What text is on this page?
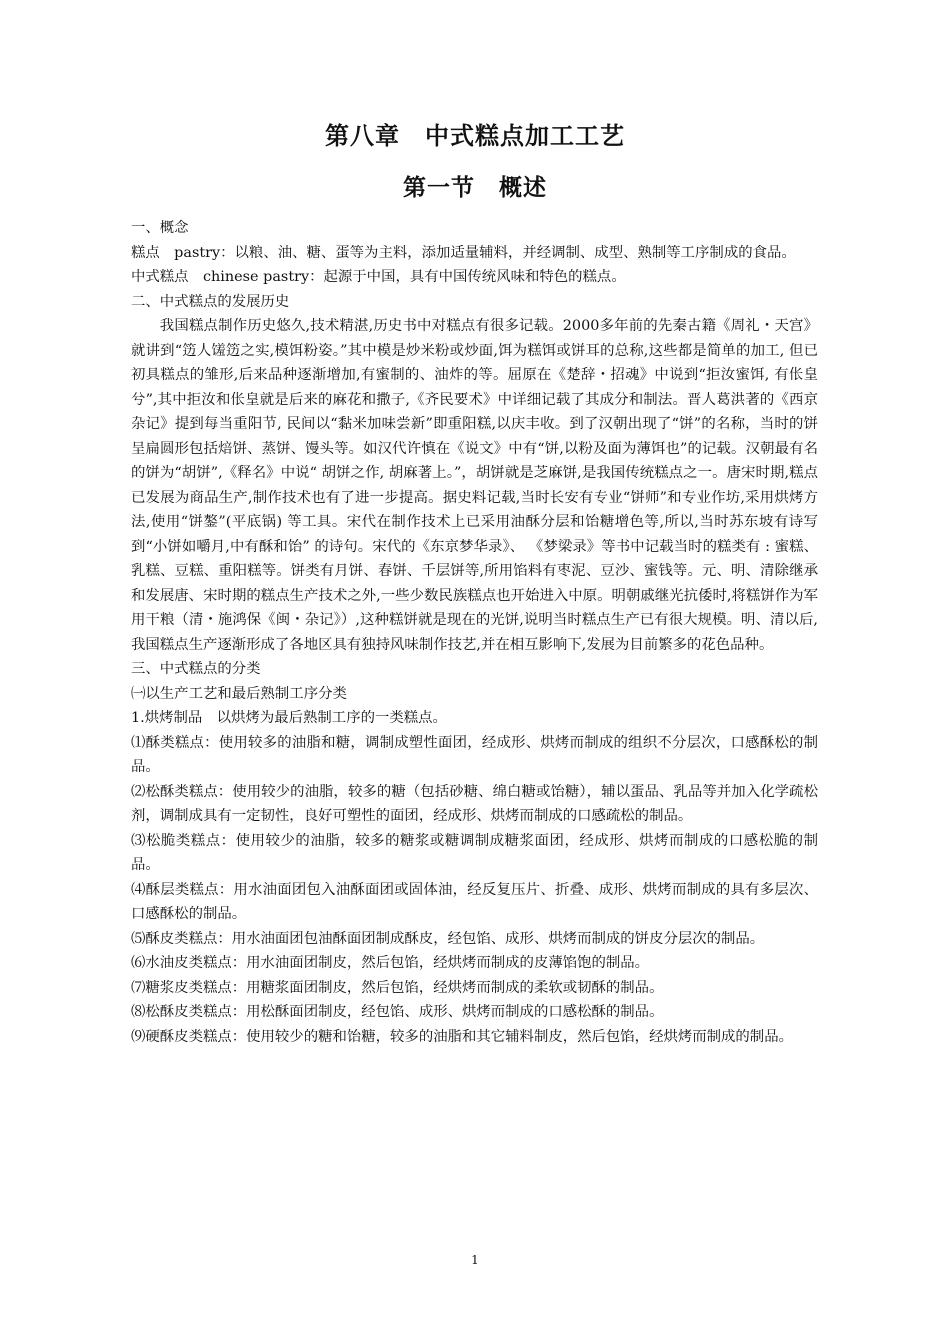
第八章　中式糕点加工工艺
第一节　概述

一、概念

糕点　pastry：以粮、油、糖、蛋等为主料，添加适量辅料，并经调制、成型、熟制等工序制成的食品。

中式糕点　chinese pastry：起源于中国，具有中国传统风味和特色的糕点。

二、中式糕点的发展历史

我国糕点制作历史悠久,技术精湛,历史书中对糕点有很多记载。2000多年前的先秦古籍《周礼・天宫》就讲到“笾人馐笾之实,模饵粉姿。”其中模是炒米粉或炒面,饵为糕饵或饼耳的总称,这些都是简单的加工, 但已初具糕点的雏形,后来品种逐渐增加,有蜜制的、油炸的等。屈原在《楚辞・招魂》中说到“拒汝蜜饵, 有伥皇兮”,其中拒汝和伥皇就是后来的麻花和撒子,《齐民要术》中详细记载了其成分和制法。晋人葛洪著的《西京杂记》提到每当重阳节, 民间以“黏米加味尝新”即重阳糕,以庆丰收。到了汉朝出现了“饼”的名称，当时的饼呈扁圆形包括焙饼、蒸饼、馒头等。如汉代许慎在《说文》中有“饼,以粉及面为薄饵也”的记载。汉朝最有名的饼为“胡饼”,《释名》中说“ 胡饼之作, 胡麻著上。”，胡饼就是芝麻饼,是我国传统糕点之一。唐宋时期,糕点已发展为商品生产,制作技术也有了进一步提高。据史料记载,当时长安有专业“饼师”和专业作坊,采用烘烤方法,使用“饼鏊”(平底锅) 等工具。宋代在制作技术上已采用油酥分层和饴糖增色等,所以,当时苏东坡有诗写到“小饼如嚼月,中有酥和饴” 的诗句。宋代的《东京梦华录》、 《梦梁录》等书中记载当时的糕类有 : 蜜糕、乳糕、豆糕、重阳糕等。饼类有月饼、春饼、千层饼等,所用馅料有枣泥、豆沙、蜜钱等。元、明、清除继承和发展唐、宋时期的糕点生产技术之外,一些少数民族糕点也开始进入中原。明朝戚继光抗倭时,将糕饼作为军用干粮（清・施鸿保《闽・杂记》）,这种糕饼就是现在的光饼,说明当时糕点生产已有很大规模。明、清以后,我国糕点生产逐渐形成了各地区具有独持风味制作技艺,并在相互影响下,发展为目前繁多的花色品种。

三、中式糕点的分类

㈠以生产工艺和最后熟制工序分类

1.烘烤制品　以烘烤为最后熟制工序的一类糕点。

⑴酥类糕点：使用较多的油脂和糖，调制成塑性面团，经成形、烘烤而制成的组织不分层次，口感酥松的制品。

⑵松酥类糕点：使用较少的油脂，较多的糖（包括砂糖、绵白糖或饴糖），辅以蛋品、乳品等并加入化学疏松剂，调制成具有一定韧性，良好可塑性的面团，经成形、烘烤而制成的口感疏松的制品。

⑶松脆类糕点：使用较少的油脂，较多的糖浆或糖调制成糖浆面团，经成形、烘烤而制成的口感松脆的制品。

⑷酥层类糕点：用水油面团包入油酥面团或固体油，经反复压片、折叠、成形、烘烤而制成的具有多层次、口感酥松的制品。

⑸酥皮类糕点：用水油面团包油酥面团制成酥皮，经包馅、成形、烘烤而制成的饼皮分层次的制品。

⑹水油皮类糕点：用水油面团制皮，然后包馅，经烘烤而制成的皮薄馅饱的制品。

⑺糖浆皮类糕点：用糖浆面团制皮，然后包馅，经烘烤而制成的柔软或韧酥的制品。

⑻松酥皮类糕点：用松酥面团制皮，经包馅、成形、烘烤而制成的口感松酥的制品。

⑼硬酥皮类糕点：使用较少的糖和饴糖，较多的油脂和其它辅料制皮，然后包馅，经烘烤而制成的制品。

1
